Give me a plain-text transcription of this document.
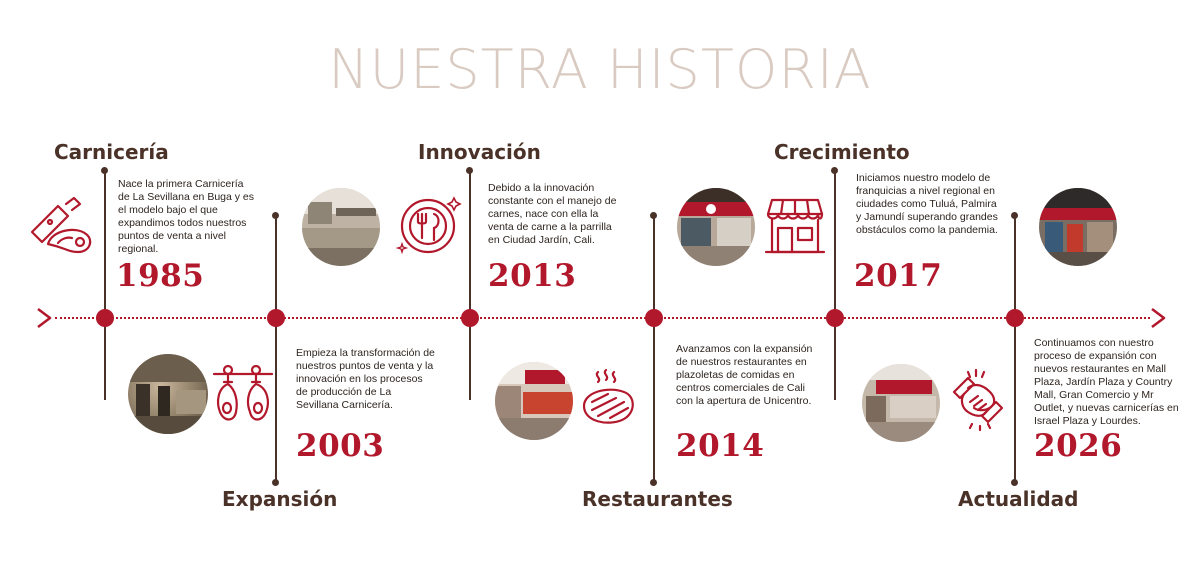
NUESTRA HISTORIA
Carnicería
Nace la primera Carnicería de La Sevillana en Buga y es el modelo bajo el que expandimos todos nuestros puntos de venta a nivel regional.
1985
Expansión
Empieza la transformación de nuestros puntos de venta y la innovación en los procesos de producción de La Sevillana Carnicería.
2003
Innovación
Debido a la innovación constante con el manejo de carnes, nace con ella la venta de carne a la parrilla en Ciudad Jardín, Cali.
2013
Restaurantes
Avanzamos con la expansión de nuestros restaurantes en plazoletas de comidas en centros comerciales de Cali con la apertura de Unicentro.
2014
Crecimiento
Iniciamos nuestro modelo de franquicias a nivel regional en ciudades como Tuluá, Palmira y Jamundí superando grandes obstáculos como la pandemia.
2017
Actualidad
Continuamos con nuestro proceso de expansión con nuevos restaurantes en Mall Plaza, Jardín Plaza y Country Mall, Gran Comercio y Mr Outlet, y nuevas carnicerías en Israel Plaza y Lourdes.
2026
